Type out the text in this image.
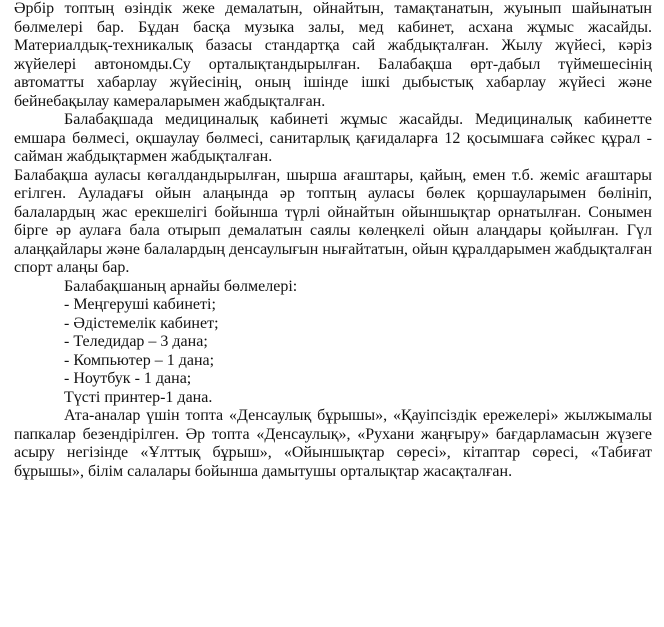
Әрбір топтың өзіндік жеке демалатын, ойнайтын, тамақтанатын, жуынып шайынатын бөлмелері бар. Бұдан басқа музыка залы, мед кабинет, асхана жұмыс жасайды. Материалдық-техникалық базасы стандартқа сай жабдықталған. Жылу жүйесі, кәріз жүйелері автономды.Су орталықтандырылған. Балабақша өрт-дабыл түймешесінің автоматты хабарлау жүйесінің, оның ішінде ішкі дыбыстық хабарлау жүйесі және бейнебақылау камераларымен жабдықталған.

Балабақшада медициналық кабинеті жұмыс жасайды. Медициналық кабинетте емшара бөлмесі, оқшаулау бөлмесі, санитарлық қағидаларға 12 қосымшаға сәйкес құрал - сайман жабдықтармен жабдықталған.

Балабақша ауласы көгалдандырылған, шырша ағаштары, қайың, емен т.б. жеміс ағаштары егілген. Ауладағы ойын алаңында әр топтың ауласы бөлек қоршауларымен бөлініп, балалардың жас ерекшелігі бойынша түрлі ойнайтын ойыншықтар орнатылған. Сонымен бірге әр аулаға бала отырып демалатын саялы көлеңкелі ойын алаңдары қойылған. Гүл алаңқайлары және балалардың денсаулығын нығайтатын, ойын құралдарымен жабдықталған спорт алаңы бар.

Балабақшаның арнайы бөлмелері:

- Меңгеруші кабинеті;
- Әдістемелік кабинет;
- Теледидар – 3 дана;
- Компьютер – 1 дана;
- Ноутбук - 1 дана;

Түсті принтер-1 дана.

Ата-аналар үшін топта «Денсаулық бұрышы», «Қауіпсіздік ережелері» жылжымалы папкалар безендірілген. Әр топта «Денсаулық», «Рухани жаңғыру» бағдарламасын жүзеге асыру негізінде «Ұлттық бұрыш», «Ойыншықтар сөресі», кітаптар сөресі, «Табиғат бұрышы», білім салалары бойынша дамытушы орталықтар жасақталған.
